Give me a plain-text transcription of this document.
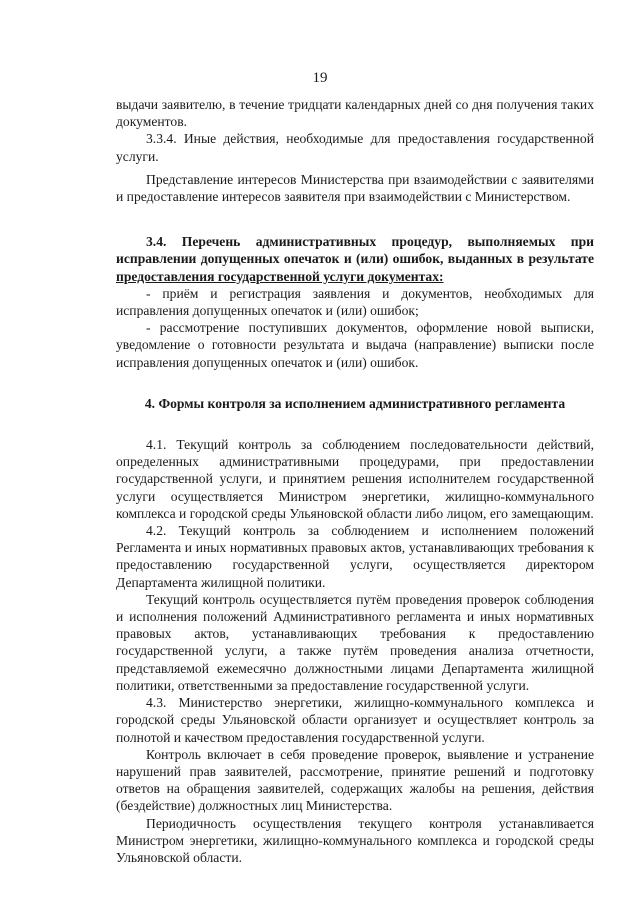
19

выдачи заявителю, в течение тридцати календарных дней со дня получения таких документов.

3.3.4. Иные действия, необходимые для предоставления государственной услуги.

Представление интересов Министерства при взаимодействии с заявителями и предоставление интересов заявителя при взаимодействии с Министерством.

3.4. Перечень административных процедур, выполняемых при исправлении допущенных опечаток и (или) ошибок, выданных в результате предоставления государственной услуги документах:

- приём и регистрация заявления и документов, необходимых для исправления допущенных опечаток и (или) ошибок;

- рассмотрение поступивших документов, оформление новой выписки, уведомление о готовности результата и выдача (направление) выписки после исправления допущенных опечаток и (или) ошибок.

4. Формы контроля за исполнением административного регламента

4.1. Текущий контроль за соблюдением последовательности действий, определенных административными процедурами, при предоставлении государственной услуги, и принятием решения исполнителем государственной услуги осуществляется Министром энергетики, жилищно-коммунального комплекса и городской среды Ульяновской области либо лицом, его замещающим.

4.2. Текущий контроль за соблюдением и исполнением положений Регламента и иных нормативных правовых актов, устанавливающих требования к предоставлению государственной услуги, осуществляется директором Департамента жилищной политики.

Текущий контроль осуществляется путём проведения проверок соблюдения и исполнения положений Административного регламента и иных нормативных правовых актов, устанавливающих требования к предоставлению государственной услуги, а также путём проведения анализа отчетности, представляемой ежемесячно должностными лицами Департамента жилищной политики, ответственными за предоставление государственной услуги.

4.3. Министерство энергетики, жилищно-коммунального комплекса и городской среды Ульяновской области организует и осуществляет контроль за полнотой и качеством предоставления государственной услуги.

Контроль включает в себя проведение проверок, выявление и устранение нарушений прав заявителей, рассмотрение, принятие решений и подготовку ответов на обращения заявителей, содержащих жалобы на решения, действия (бездействие) должностных лиц Министерства.

Периодичность осуществления текущего контроля устанавливается Министром энергетики, жилищно-коммунального комплекса и городской среды Ульяновской области.
